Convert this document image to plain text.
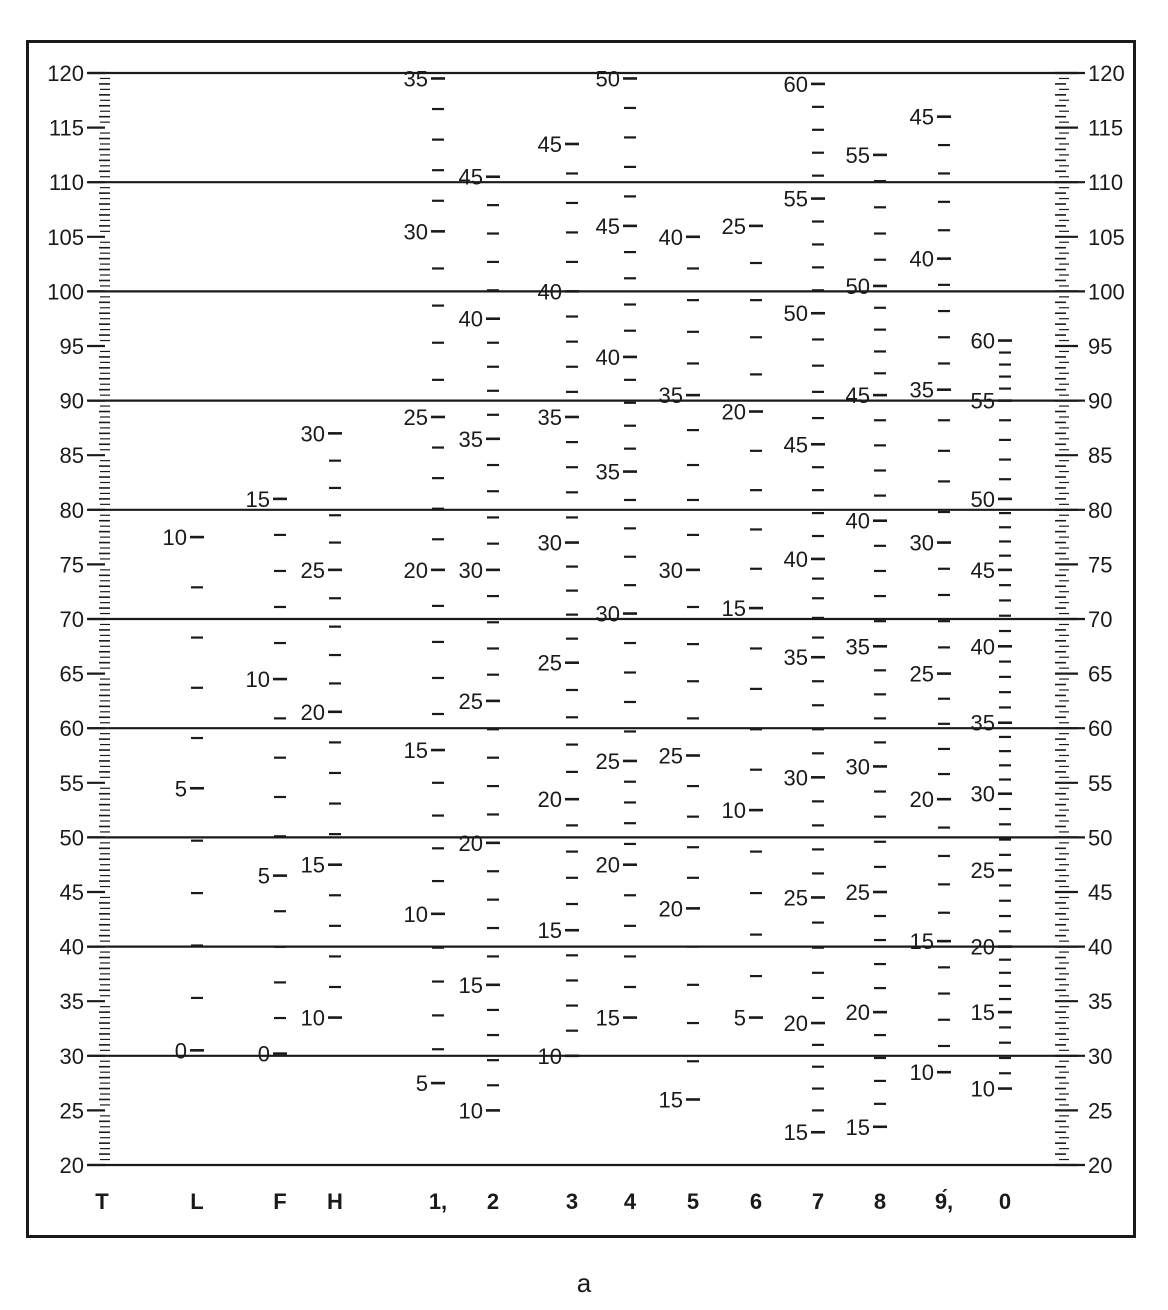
20	20
25	25
30	30
35	35
40	40
45	45
50	50
55	55
60	60
65	65
70	70
75	75
80	80
85	85
90	90
95	95
100	100
105	105
110	110
115	115
120	120
0
5
10
0
5
10
15
10
15
20
25
30
5
10
15
20
25
30
35
10
15
20
25
30
35
40
45
10
15
20
25
30
35
40
45
15
20
25
30
35
40
45
50
15
20
25
30
35
40
5
10
15
20
25
15
20
25
30
35
40
45
50
55
60
15
20
25
30
35
40
45
50
55
10
15
20
25
30
35
40
45
10
15
20
25
30
35
40
45
50
55
60
T	L	F H	1, 2	3 4 5 6 7 8 9́, 0
a
